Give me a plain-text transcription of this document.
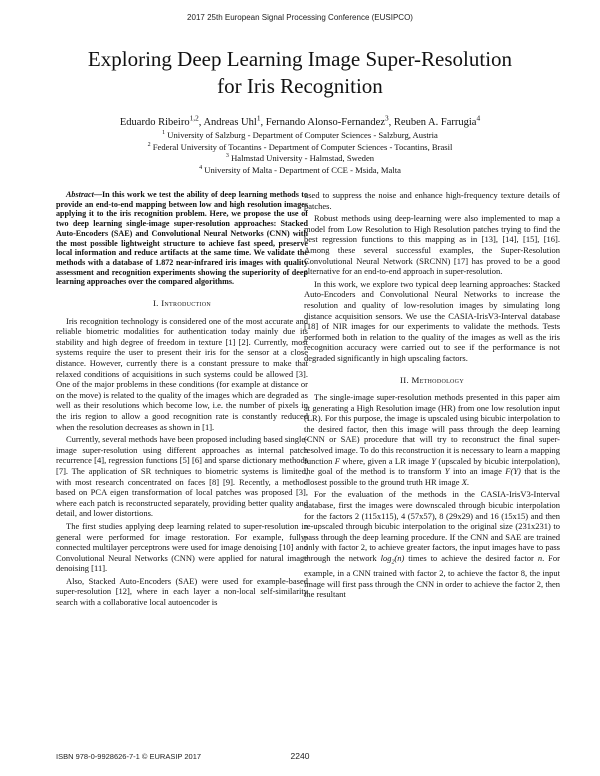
2017 25th European Signal Processing Conference (EUSIPCO)
Exploring Deep Learning Image Super-Resolution
for Iris Recognition
Eduardo Ribeiro$^{1,2}$, Andreas Uhl$^1$, Fernando Alonso-Fernandez$^3$, Reuben A. Farrugia$^4$
$^1$ University of Salzburg - Department of Computer Sciences - Salzburg, Austria
$^2$ Federal University of Tocantins - Department of Computer Sciences - Tocantins, Brasil
$^3$ Halmstad University - Halmstad, Sweden
$^4$ University of Malta - Department of CCE - Msida, Malta

Abstract—In this work we test the ability of deep learning methods to provide an end-to-end mapping between low and high resolution images applying it to the iris recognition problem. Here, we propose the use of two deep learning single-image super-resolution approaches: Stacked Auto-Encoders (SAE) and Convolutional Neural Networks (CNN) with the most possible lightweight structure to achieve fast speed, preserve local information and reduce artifacts at the same time. We validate the methods with a database of 1.872 near-infrared iris images with quality assessment and recognition experiments showing the superiority of deep learning approaches over the compared algorithms.

I. Introduction

Iris recognition technology is considered one of the most accurate and reliable biometric modalities for authentication today mainly due its stability and high degree of freedom in texture [1] [2]. Currently, most systems require the user to present their iris for the sensor at a close distance. However, currently there is a constant pressure to make that relaxed conditions of acquisitions in such systems could be allowed [3]. One of the major problems in these conditions (for example at distance or on the move) is related to the quality of the images which are degraded as well as their resolutions which become low, i.e. the number of pixels in the iris region to allow a good recognition rate is constantly reduced when the resolution decreases as shown in [1].

Currently, several methods have been proposed including based single-image super-resolution using different approaches as internal patch recurrence [4], regression functions [5] [6] and sparse dictionary methods [7]. The application of SR techniques to biometric systems is limited, with most research concentrated on faces [8] [9]. Recently, a method based on PCA eigen transformation of local patches was proposed [3], where each patch is reconstructed separately, providing better quality and detail, and lower distortions.

The first studies applying deep learning related to super-resolution in general were performed for image restoration. For example, fully-connected multilayer perceptrons were used for image denoising [10] and Convolutional Neural Networks (CNN) were applied for natural image denoising [11].

Also, Stacked Auto-Encoders (SAE) were used for example-based super-resolution [12], where in each layer a non-local self-similarity search with a collaborative local autoencoder is

used to suppress the noise and enhance high-frequency texture details of patches.

Robust methods using deep-learning were also implemented to map a model from Low Resolution to High Resolution patches trying to find the best regression functions to this mapping as in [13], [14], [15], [16]. Among these several successful examples, the Super-Resolution Convolutional Neural Network (SRCNN) [17] has proved to be a good alternative for an end-to-end approach in super-resolution.

In this work, we explore two typical deep learning approaches: Stacked Auto-Encoders and Convolutional Neural Networks to increase the resolution and quality of low-resolution images by simulating long distance acquisition sensors. We use the CASIA-IrisV3-Interval database [18] of NIR images for our experiments to validate the methods. Tests performed both in relation to the quality of the images as well as the iris recognition accuracy were carried out to see if the performance is not degraded significantly in high upscaling factors.

II. Methodology

The single-image super-resolution methods presented in this paper aim at generating a High Resolution image (HR) from one low resolution input (LR). For this purpose, the image is upscaled using bicubic interpolation to the desired factor, then this image will pass through the deep learning (CNN or SAE) procedure that will try to reconstruct the final super-resolved image. To do this reconstruction it is necessary to learn a mapping function F where, given a LR image Y (upscaled by bicubic interpolation), the goal of the method is to transform Y into an image F(Y) that is the closest possible to the ground truth HR image X.

For the evaluation of the methods in the CASIA-IrisV3-Interval database, first the images were downscaled through bicubic interpolation for the factors 2 (115x115), 4 (57x57), 8 (29x29) and 16 (15x15) and then re-upscaled through bicubic interpolation to the original size (231x231) to pass through the deep learning procedure. If the CNN and SAE are trained only with factor 2, to achieve greater factors, the input images have to pass through the network $\log_2(n)$ times to achieve the desired factor n. For example, in a CNN trained with factor 2, to achieve the factor 8, the input image will first pass through the CNN in order to achieve the factor 2, then the resultant

ISBN 978-0-9928626-7-1 © EURASIP 2017	2240
